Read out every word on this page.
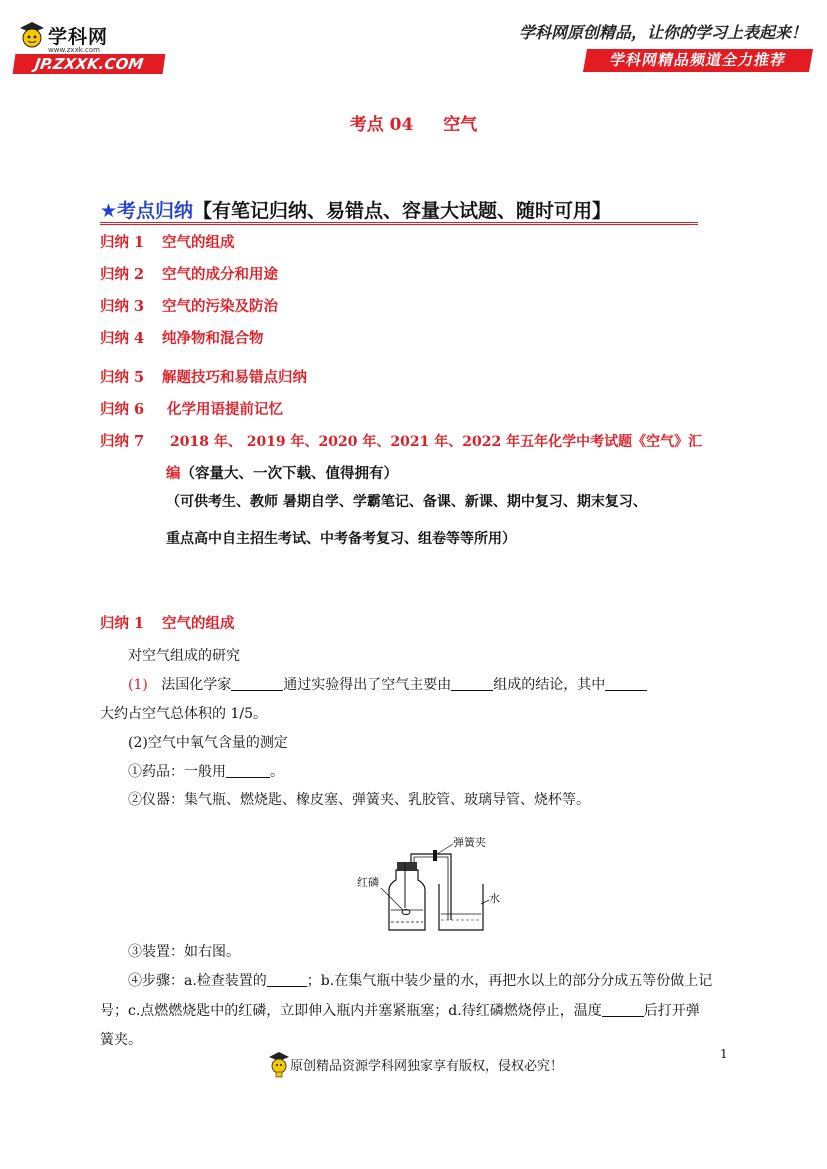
学科网
www.zxxk.com
JP.ZXXK.COM
学科网原创精品，让你的学习上表起来！
学科网精品频道全力推荐
考点 04 空气
★考点归纳【有笔记归纳、易错点、容量大试题、随时可用】
归纳 1 空气的组成
归纳 2 空气的成分和用途
归纳 3 空气的污染及防治
归纳 4 纯净物和混合物
归纳 5 解题技巧和易错点归纳
归纳 6 化学用语提前记忆
归纳 7 2018 年、 2019 年、2020 年、2021 年、2022 年五年化学中考试题《空气》汇
编（容量大、一次下载、值得拥有）
（可供考生、教师 暑期自学、学霸笔记、备课、新课、期中复习、期末复习、
重点高中自主招生考试、中考备考复习、组卷等等所用）
归纳 1 空气的组成
对空气组成的研究
(1) 法国化学家	通过实验得出了空气主要由	组成的结论，其中
大约占空气总体积的 1/5。
(2)空气中氧气含量的测定
①药品：一般用	。
②仪器：集气瓶、燃烧匙、橡皮塞、弹簧夹、乳胶管、玻璃导管、烧杯等。
弹簧夹
红磷
水
③装置：如右图。
④步骤：a.检查装置的	；b.在集气瓶中装少量的水，再把水以上的部分分成五等份做上记
号；c.点燃燃烧匙中的红磷，立即伸入瓶内并塞紧瓶塞；d.待红磷燃烧停止，温度	后打开弹
簧夹。
1
原创精品资源学科网独家享有版权，侵权必究！
